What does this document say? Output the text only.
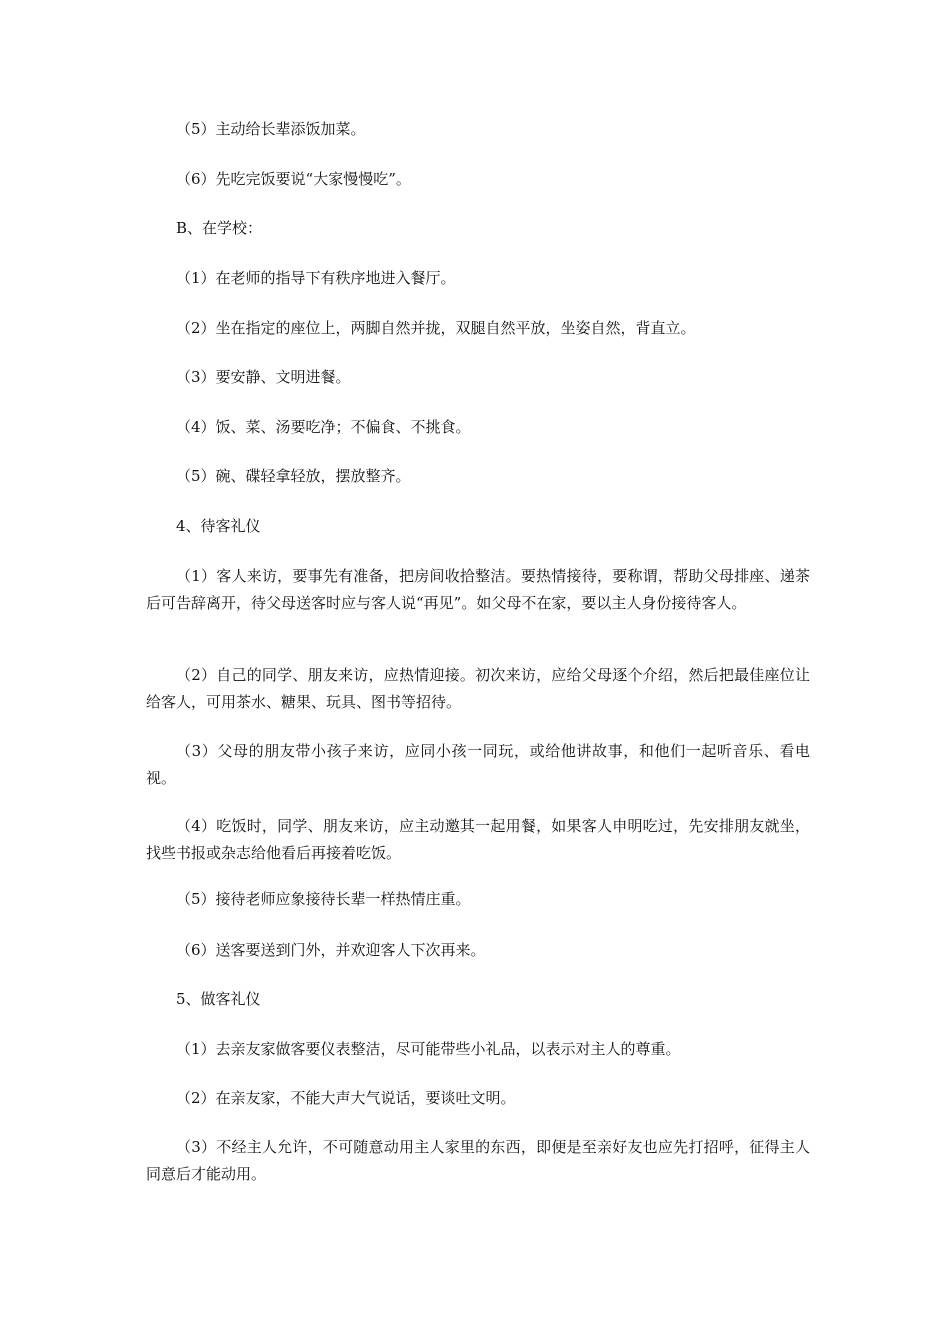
（5）主动给长辈添饭加菜。

（6）先吃完饭要说“大家慢慢吃”。

B、在学校：

（1）在老师的指导下有秩序地进入餐厅。

（2）坐在指定的座位上，两脚自然并拢，双腿自然平放，坐姿自然，背直立。

（3）要安静、文明进餐。

（4）饭、菜、汤要吃净；不偏食、不挑食。

（5）碗、碟轻拿轻放，摆放整齐。

4、待客礼仪

（1）客人来访，要事先有准备，把房间收拾整洁。要热情接待，要称谓，帮助父母排座、递茶后可告辞离开，待父母送客时应与客人说“再见”。如父母不在家，要以主人身份接待客人。

（2）自己的同学、朋友来访，应热情迎接。初次来访，应给父母逐个介绍，然后把最佳座位让给客人，可用茶水、糖果、玩具、图书等招待。

（3）父母的朋友带小孩子来访，应同小孩一同玩，或给他讲故事，和他们一起听音乐、看电视。

（4）吃饭时，同学、朋友来访，应主动邀其一起用餐，如果客人申明吃过，先安排朋友就坐，找些书报或杂志给他看后再接着吃饭。

（5）接待老师应象接待长辈一样热情庄重。

（6）送客要送到门外，并欢迎客人下次再来。

5、做客礼仪

（1）去亲友家做客要仪表整洁，尽可能带些小礼品，以表示对主人的尊重。

（2）在亲友家，不能大声大气说话，要谈吐文明。

（3）不经主人允许，不可随意动用主人家里的东西，即便是至亲好友也应先打招呼，征得主人同意后才能动用。
